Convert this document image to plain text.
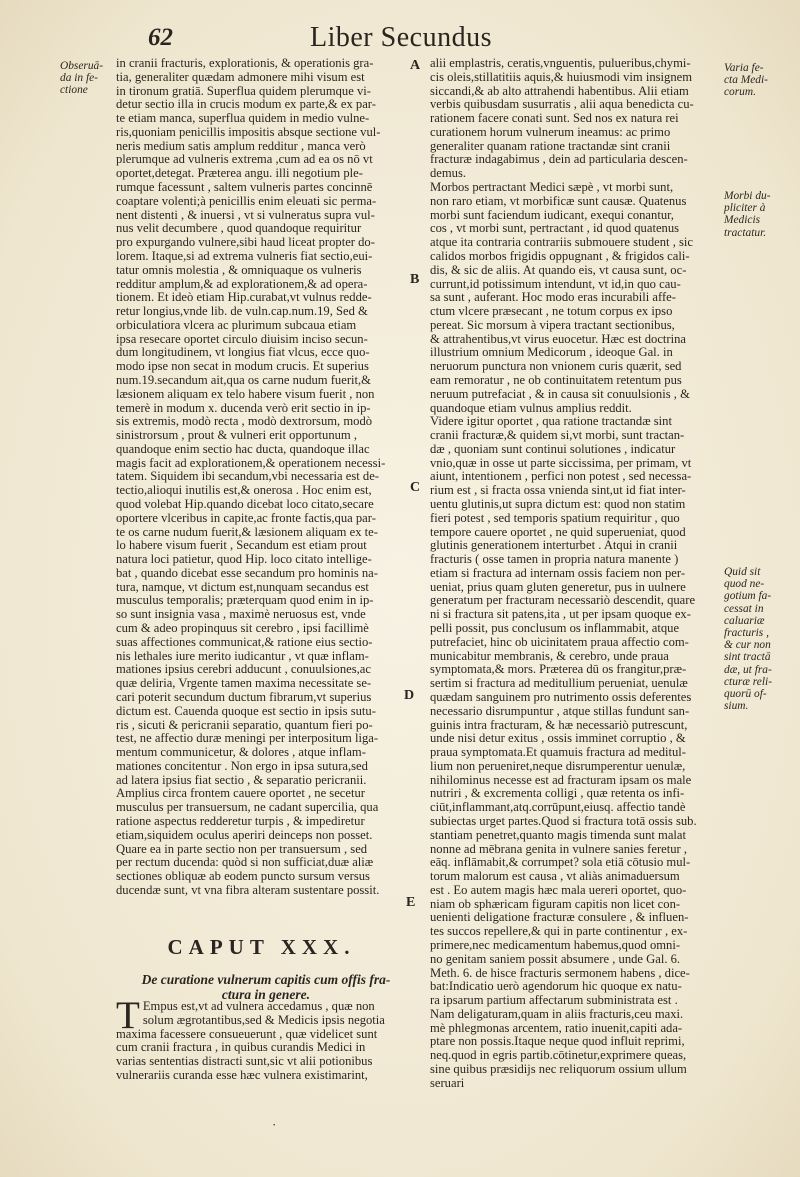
62	Liber Secundus
Obseruā-
da in fe-
ctione
Varia fe-
cta Medi-
corum.
Morbi du-
pliciter à
Medicis
tractatur.
Quid sit
quod ne-
gotium fa-
cessat in
caluariæ
fracturis ,
& cur non
sint tractā
dæ, ut fra-
cturæ reli-
quorū of-
sium.
A
B
C
D
E
in cranii fracturis, explorationis, & operationis gra-
tia, generaliter quædam admonere mihi visum est
in tironum gratiā. Superflua quidem plerumque vi-
detur sectio illa in crucis modum ex parte,& ex par-
te etiam manca, superflua quidem in medio vulne-
ris,quoniam penicillis impositis absque sectione vul-
neris medium satis amplum redditur , manca verò
plerumque ad vulneris extrema ,cum ad ea os nō vt
oportet,detegat. Præterea angu. illi negotium ple-
rumque facessunt , saltem vulneris partes concinnē
coaptare volenti;à penicillis enim eleuati sic perma-
nent distenti , & inuersi , vt si vulneratus supra vul-
nus velit decumbere , quod quandoque requiritur
pro expurgando vulnere,sibi haud liceat propter do-
lorem. Itaque,si ad extrema vulneris fiat sectio,eui-
tatur omnis molestia , & omniquaque os vulneris
redditur amplum,& ad explorationem,& ad opera-
tionem. Et ideò etiam Hip.curabat,vt vulnus redde-
retur longius,vnde lib. de vuln.cap.num.19, Sed &
orbiculatiora vlcera ac plurimum subcaua etiam
ipsa resecare oportet circulo diuisim inciso secun-
dum longitudinem, vt longius fiat vlcus, ecce quo-
modo ipse non secat in modum crucis. Et superius
num.19.secandum ait,qua os carne nudum fuerit,&
læsionem aliquam ex telo habere visum fuerit , non
temerè in modum x. ducenda verò erit sectio in ip-
sis extremis, modò recta , modò dextrorsum, modò
sinistrorsum , prout & vulneri erit opportunum ,
quandoque enim sectio hac ducta, quandoque illac
magis facit ad explorationem,& operationem necessi-
tatem. Siquidem ibi secandum,vbi necessaria est de-
tectio,alioqui inutilis est,& onerosa . Hoc enim est,
quod volebat Hip.quando dicebat loco citato,secare
oportere vlceribus in capite,ac fronte factis,qua par-
te os carne nudum fuerit,& læsionem aliquam ex te-
lo habere visum fuerit , Secandum est etiam prout
natura loci patietur, quod Hip. loco citato intellige-
bat , quando dicebat esse secandum pro hominis na-
tura, namque, vt dictum est,nunquam secandus est
musculus temporalis; præterquam quod enim in ip-
so sunt insignia vasa , maximè neruosus est, vnde
cum & adeo propinquus sit cerebro , ipsi facillimè
suas affectiones communicat,& ratione eius sectio-
nis lethales iure merito iudicantur , vt quæ inflam-
mationes ipsius cerebri adducunt , conuulsiones,ac
quæ deliria, Vrgente tamen maxima necessitate se-
cari poterit secundum ductum fibrarum,vt superius
dictum est. Cauenda quoque est sectio in ipsis sutu-
ris , sicuti & pericranii separatio, quantum fieri po-
test, ne affectio duræ meningi per interpositum liga-
mentum communicetur, & dolores , atque inflam-
mationes concitentur . Non ergo in ipsa sutura,sed
ad latera ipsius fiat sectio , & separatio pericranii.
Amplius circa frontem cauere oportet , ne secetur
musculus per transuersum, ne cadant supercilia, qua
ratione aspectus redderetur turpis , & impediretur
etiam,siquidem oculus aperiri deinceps non posset.
Quare ea in parte sectio non per transuersum , sed
per rectum ducenda: quòd si non sufficiat,duæ aliæ
sectiones obliquæ ab eodem puncto sursum versus
ducendæ sunt, vt vna fibra alteram sustentare possit.
CAPUT XXX.
De curatione vulnerum capitis cum offis fra-
ctura in genere.
T Empus est,vt ad vulnera accedamus , quæ non
solum ægrotantibus,sed & Medicis ipsis negotia
maxima facessere consueuerunt , quæ videlicet sunt
cum cranii fractura , in quibus curandis Medici in
varias sententias distracti sunt,sic vt alii potionibus
vulnerariis curanda esse hæc vulnera existimarint,
alii emplastris, ceratis,vnguentis, pulueribus,chymi-
cis oleis,stillatitiis aquis,& huiusmodi vim insignem
siccandi,& ab alto attrahendi habentibus. Alii etiam
verbis quibusdam susurratis , alii aqua benedicta cu-
rationem facere conati sunt. Sed nos ex natura rei
curationem horum vulnerum ineamus: ac primo
generaliter quanam ratione tractandæ sint cranii
fracturæ indagabimus , dein ad particularia descen-
demus.
Morbos pertractant Medici sæpè , vt morbi sunt,
non raro etiam, vt morbificæ sunt causæ. Quatenus
morbi sunt faciendum iudicant, exequi conantur,
cos , vt morbi sunt, pertractant , id quod quatenus
atque ita contraria contrariis submouere student , sic
calidos morbos frigidis oppugnant , & frigidos cali-
dis, & sic de aliis. At quando eis, vt causa sunt, oc-
currunt,id potissimum intendunt, vt id,in quo cau-
sa sunt , auferant. Hoc modo eras incurabili affe-
ctum vlcere præsecant , ne totum corpus ex ipso
pereat. Sic morsum à vipera tractant sectionibus,
& attrahentibus,vt virus euocetur. Hæc est doctrina
illustrium omnium Medicorum , ideoque Gal. in
neruorum punctura non vnionem curis quærit, sed
eam remoratur , ne ob continuitatem retentum pus
neruum putrefaciat , & in causa sit conuulsionis , &
quandoque etiam vulnus amplius reddit.
Videre igitur oportet , qua ratione tractandæ sint
cranii fracturæ,& quidem si,vt morbi, sunt tractan-
dæ , quoniam sunt continui solutiones , indicatur
vnio,quæ in osse ut parte siccissima, per primam, vt
aiunt, intentionem , perfici non potest , sed necessa-
rium est , si fracta ossa vnienda sint,ut id fiat inter-
uentu glutinis,ut supra dictum est: quod non statim
fieri potest , sed temporis spatium requiritur , quo
tempore cauere oportet , ne quid superueniat, quod
glutinis generationem interturbet . Atqui in cranii
fracturis ( osse tamen in propria natura manente )
etiam si fractura ad internam ossis faciem non per-
ueniat, prius quam gluten generetur, pus in uulnere
generatum per fracturam necessariò descendit, quare
ni si fractura sit patens,ita , ut per ipsam quoque ex-
pelli possit, pus conclusum os inflammabit, atque
putrefaciet, hinc ob uicinitatem praua affectio com-
municabitur membranis, & cerebro, unde praua
symptomata,& mors. Præterea dū os frangitur,præ-
sertim si fractura ad meditullium perueniat, uenulæ
quædam sanguinem pro nutrimento ossis deferentes
necessario disrumpuntur , atque stillas fundunt san-
guinis intra fracturam, & hæ necessariò putrescunt,
unde nisi detur exitus , ossis imminet corruptio , &
praua symptomata.Et quamuis fractura ad meditul-
lium non perueniret,neque disrumperentur uenulæ,
nihilominus necesse est ad fracturam ipsam os male
nutriri , & excrementa colligi , quæ retenta os infi-
ciūt,inflammant,atq.corrūpunt,eiusq. affectio tandè
subiectas urget partes.Quod si fractura totā ossis sub.
stantiam penetret,quanto magis timenda sunt malat
nonne ad mēbrana genita in vulnere sanies feretur ,
eāq. inflāmabit,& corrumpet? sola etiā cōtusio mul-
torum malorum est causa , vt aliàs animaduersum
est . Eo autem magis hæc mala uereri oportet, quo-
niam ob sphæricam figuram capitis non licet con-
uenienti deligatione fracturæ consulere , & influen-
tes succos repellere,& qui in parte continentur , ex-
primere,nec medicamentum habemus,quod omni-
no genitam saniem possit absumere , unde Gal. 6.
Meth. 6. de hisce fracturis sermonem habens , dice-
bat:Indicatio uerò agendorum hic quoque ex natu-
ra ipsarum partium affectarum subministrata est .
Nam deligaturam,quam in aliis fracturis,ceu maxi.
mè phlegmonas arcentem, ratio inuenit,capiti ada-
ptare non possis.Itaque neque quod influit reprimi,
neq.quod in egris partib.cōtinetur,exprimere queas,
sine quibus præsidijs nec reliquorum ossium ullum
seruari
·
